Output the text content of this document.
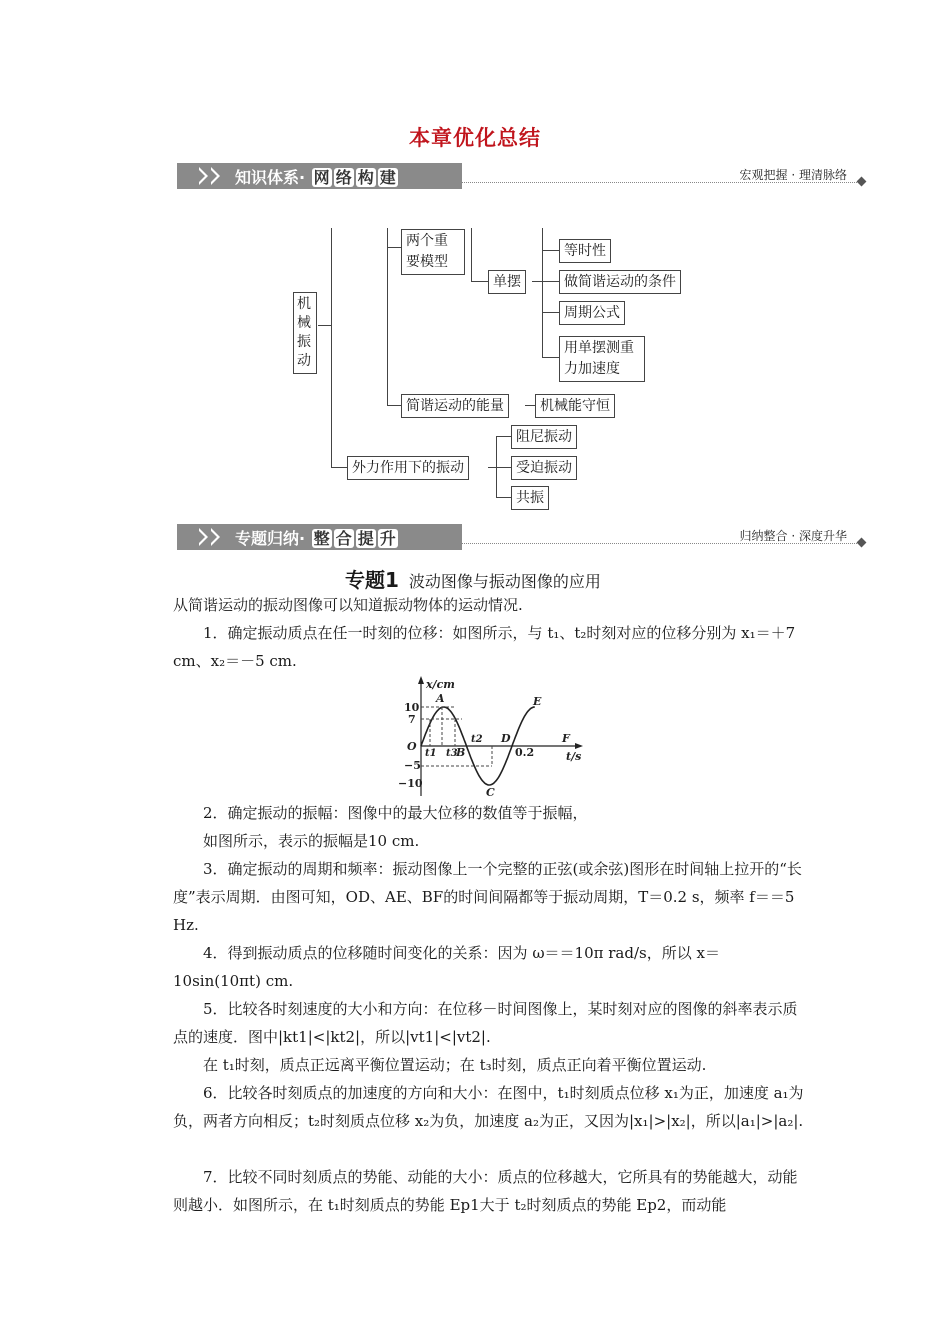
本章优化总结
知识体系· 网 络 构 建	宏观把握 · 理清脉络
机械振动
两个重要模型
单摆
等时性
做简谐运动的条件
周期公式
用单摆测重力加速度
简谐运动的能量	机械能守恒
外力作用下的振动
阻尼振动
受迫振动
共振
专题归纳· 整 合 提 升	归纳整合 · 深度升华
专题1 波动图像与振动图像的应用

从简谐运动的振动图像可以知道振动物体的运动情况.

1．确定振动质点在任一时刻的位移：如图所示，与 t₁、t₂时刻对应的位移分别为 x₁＝＋7 cm、x₂＝－5 cm.

x/cm
t/s
10
7
O
−5
−10
A
B
C
D
E
F
t1 t3
t2
0.2

2．确定振动的振幅：图像中的最大位移的数值等于振幅，

如图所示，表示的振幅是10 cm.

3．确定振动的周期和频率：振动图像上一个完整的正弦(或余弦)图形在时间轴上拉开的“长度”表示周期．由图可知，OD、AE、BF的时间间隔都等于振动周期，T＝0.2 s，频率 f＝＝5 Hz.

4．得到振动质点的位移随时间变化的关系：因为 ω＝＝10π rad/s，所以 x＝10sin(10πt) cm.

5．比较各时刻速度的大小和方向：在位移－时间图像上，某时刻对应的图像的斜率表示质点的速度．图中|kt1|<|kt2|，所以|vt1|<|vt2|.

在 t₁时刻，质点正远离平衡位置运动；在 t₃时刻，质点正向着平衡位置运动.

6．比较各时刻质点的加速度的方向和大小：在图中，t₁时刻质点位移 x₁为正，加速度 a₁为负，两者方向相反；t₂时刻质点位移 x₂为负，加速度 a₂为正，又因为|x₁|>|x₂|，所以|a₁|>|a₂|.

7．比较不同时刻质点的势能、动能的大小：质点的位移越大，它所具有的势能越大，动能则越小．如图所示，在 t₁时刻质点的势能 Ep1大于 t₂时刻质点的势能 Ep2，而动能
